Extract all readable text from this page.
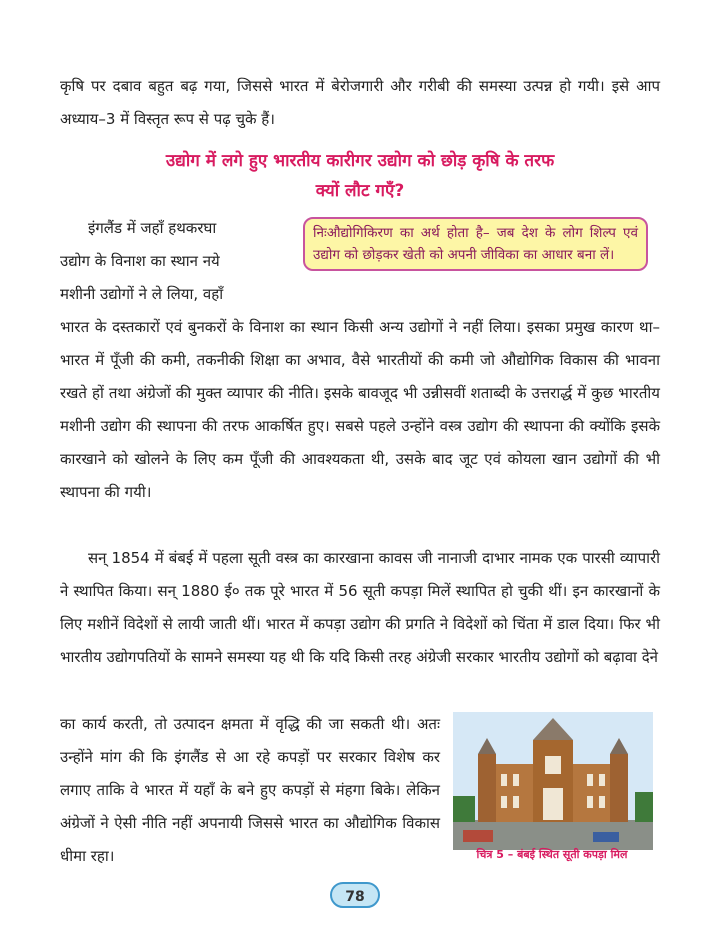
कृषि पर दबाव बहुत बढ़ गया, जिससे भारत में बेरोजगारी और गरीबी की समस्या उत्पन्न हो गयी। इसे आप अध्याय–3 में विस्तृत रूप से पढ़ चुके हैं।

उद्योग में लगे हुए भारतीय कारीगर उद्योग को छोड़ कृषि के तरफ

क्यों लौट गएँ?

निःऔद्योगिकिरण का अर्थ होता है– जब देश के लोग शिल्प एवं उद्योग को छोड़कर खेती को अपनी जीविका का आधार बना लें।

इंगलैंड में जहाँ हथकरघा

उद्योग के विनाश का स्थान नये

मशीनी उद्योगों ने ले लिया, वहाँ

भारत के दस्तकारों एवं बुनकरों के विनाश का स्थान किसी अन्य उद्योगों ने नहीं लिया। इसका प्रमुख कारण था– भारत में पूँजी की कमी, तकनीकी शिक्षा का अभाव, वैसे भारतीयों की कमी जो औद्योगिक विकास की भावना रखते हों तथा अंग्रेजों की मुक्त व्यापार की नीति। इसके बावजूद भी उन्नीसवीं शताब्दी के उत्तरार्द्ध में कुछ भारतीय मशीनी उद्योग की स्थापना की तरफ आकर्षित हुए। सबसे पहले उन्होंने वस्त्र उद्योग की स्थापना की क्योंकि इसके कारखाने को खोलने के लिए कम पूँजी की आवश्यकता थी, उसके बाद जूट एवं कोयला खान उद्योगों की भी स्थापना की गयी।

सन् 1854 में बंबई में पहला सूती वस्त्र का कारखाना कावस जी नानाजी दाभार नामक एक पारसी व्यापारी ने स्थापित किया। सन् 1880 ई० तक पूरे भारत में 56 सूती कपड़ा मिलें स्थापित हो चुकी थीं। इन कारखानों के लिए मशीनें विदेशों से लायी जाती थीं। भारत में कपड़ा उद्योग की प्रगति ने विदेशों को चिंता में डाल दिया। फिर भी भारतीय उद्योगपतियों के सामने समस्या यह थी कि यदि किसी तरह अंग्रेजी सरकार भारतीय उद्योगों को बढ़ावा देने

का कार्य करती, तो उत्पादन क्षमता में वृद्धि की जा सकती थी। अतः उन्होंने मांग की कि इंगलैंड से आ रहे कपड़ों पर सरकार विशेष कर लगाए ताकि वे भारत में यहाँ के बने हुए कपड़ों से मंहगा बिके। लेकिन अंग्रेजों ने ऐसी नीति नहीं अपनायी जिससे भारत का औद्योगिक विकास धीमा रहा।	चित्र 5 – बंबई स्थित सूती कपड़ा मिल
78
